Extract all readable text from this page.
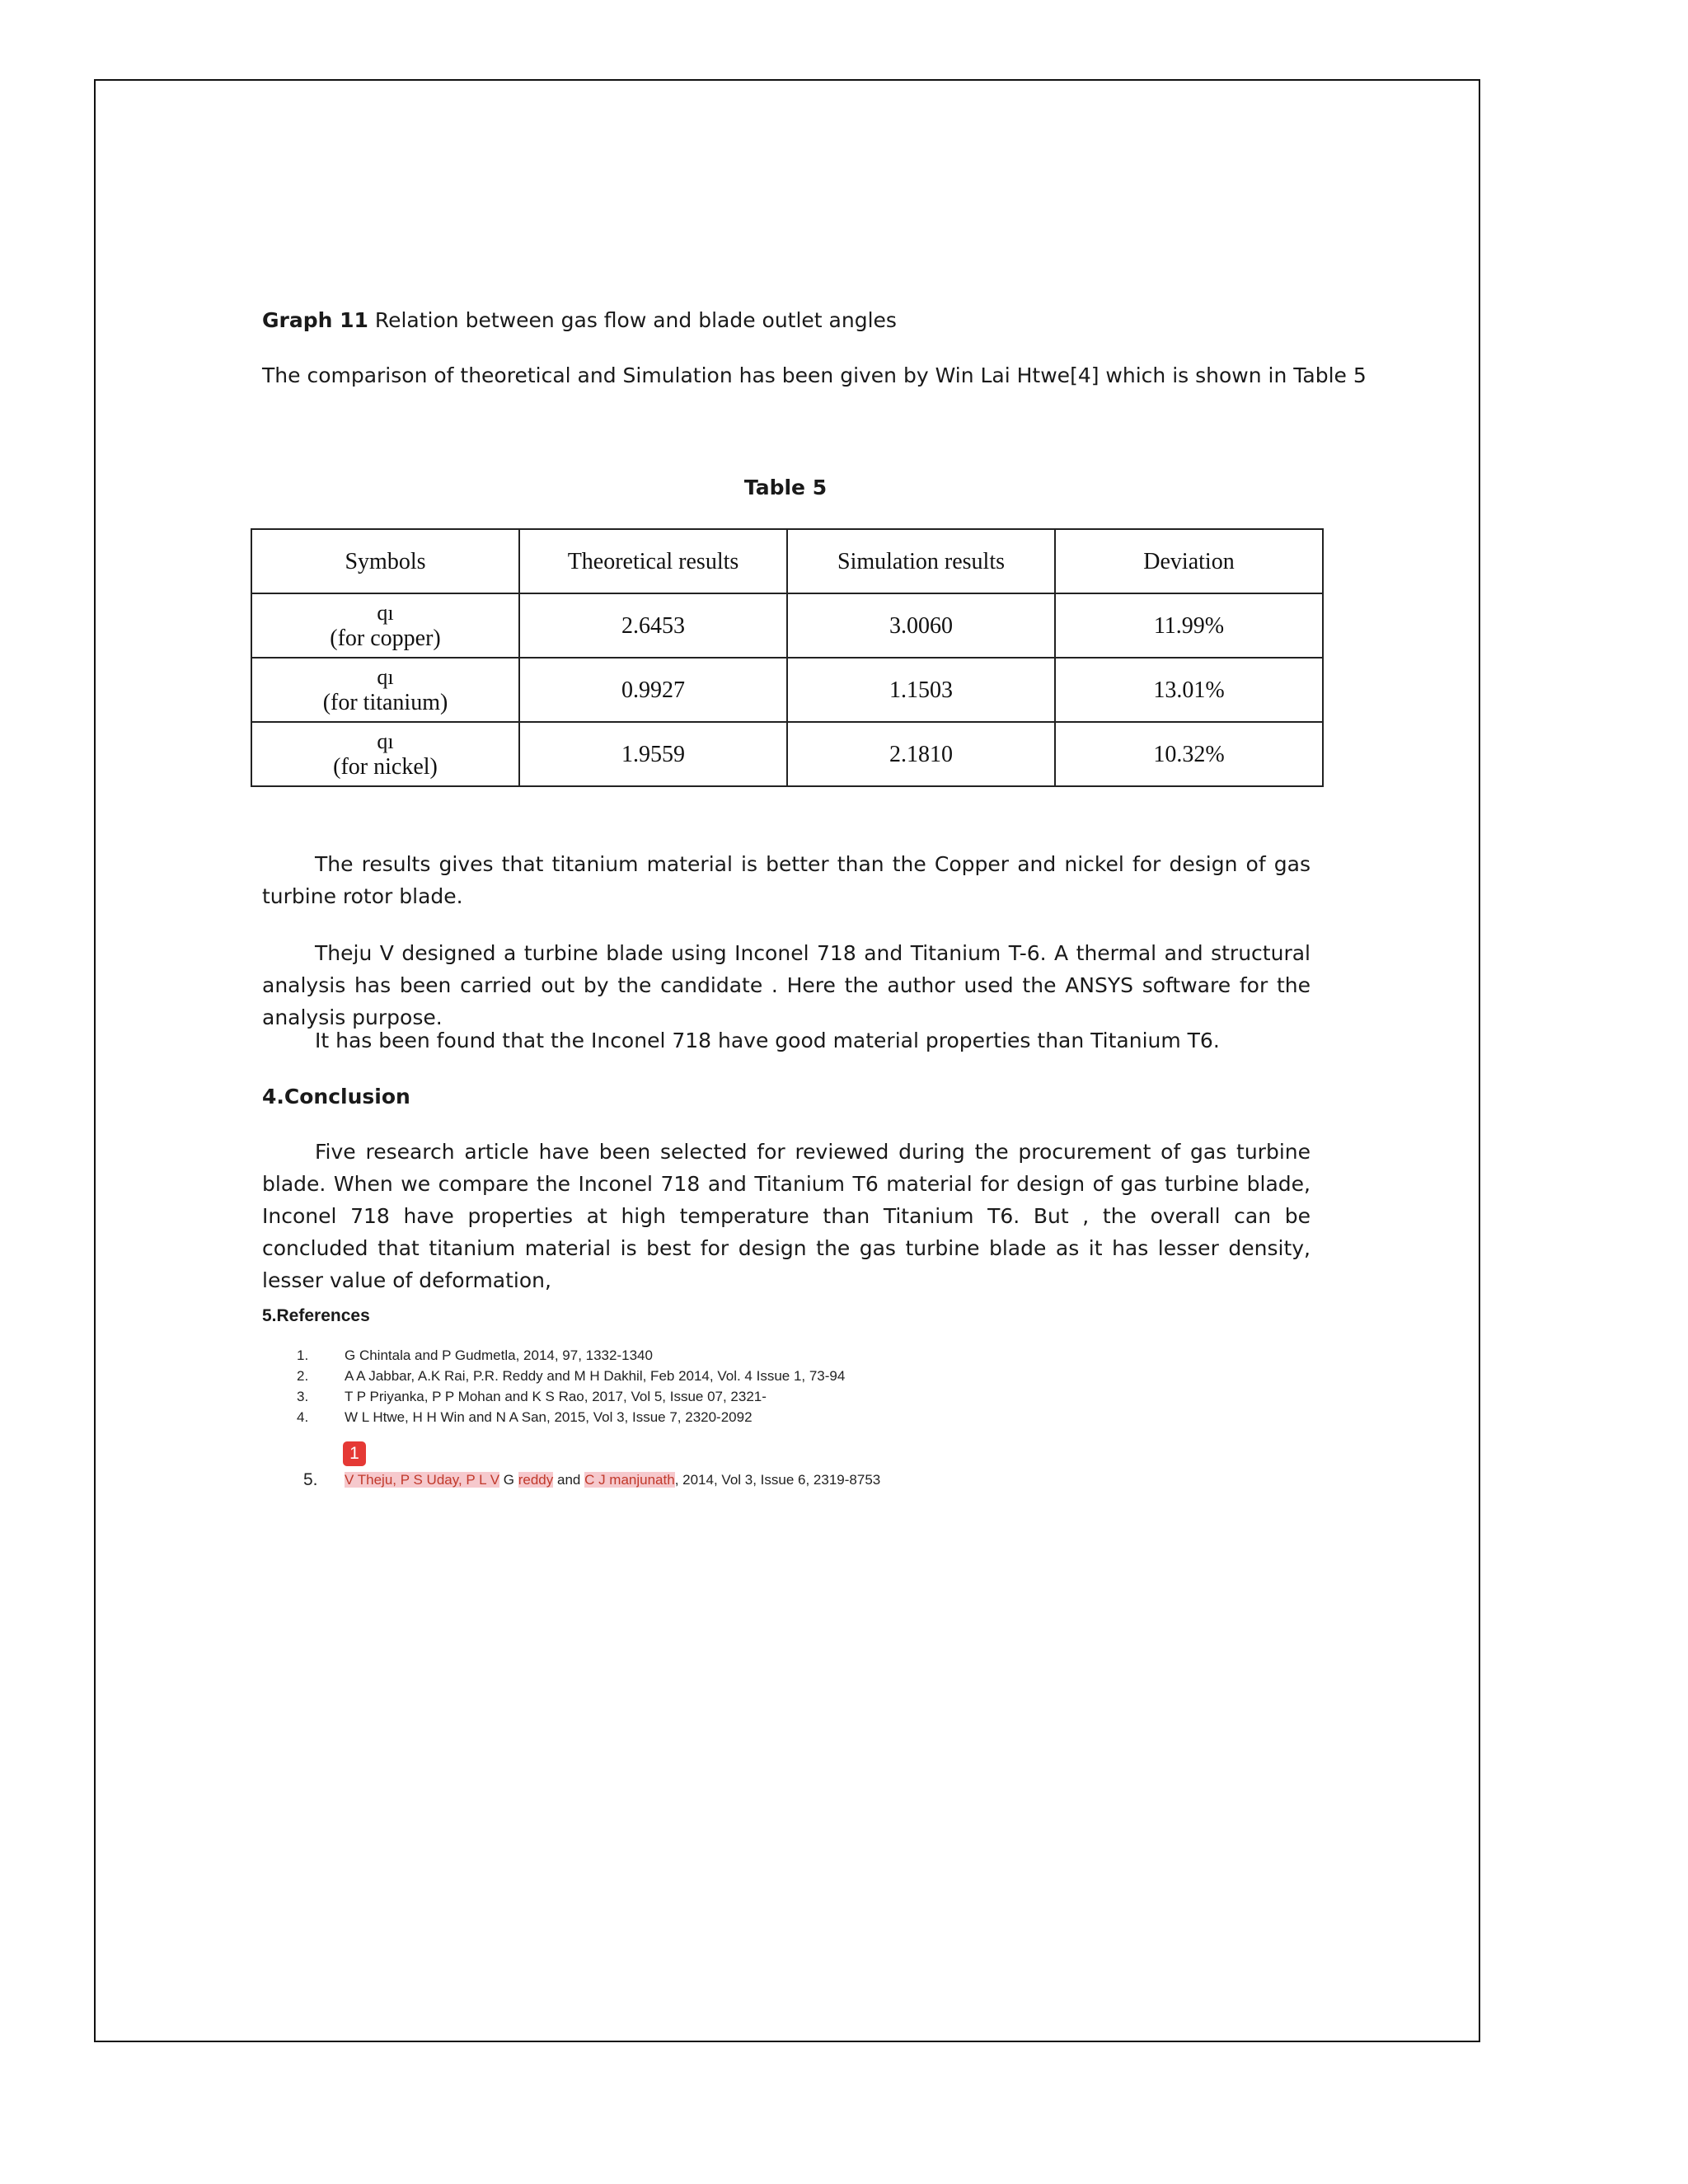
Graph 11 Relation between gas flow and blade outlet angles
The comparison of theoretical and Simulation has been given by Win Lai Htwe[4] which is shown in Table 5
Table 5
Symbols	Theoretical results	Simulation results	Deviation

qı
(for copper)	2.6453	3.0060	11.99%

qı
(for titanium)	0.9927	1.1503	13.01%

qı
(for nickel)	1.9559	2.1810	10.32%
The results gives that titanium material is better than the Copper and nickel for design of gas turbine rotor blade.
Theju V designed a turbine blade using Inconel 718 and Titanium T-6. A thermal and structural analysis has been carried out by the candidate . Here the author used the ANSYS software for the analysis purpose.
It has been found that the Inconel 718 have good material properties than Titanium T6.
4.Conclusion
Five research article have been selected for reviewed during the procurement of gas turbine blade. When we compare the Inconel 718 and Titanium T6 material for design of gas turbine blade, Inconel 718 have properties at high temperature than Titanium T6. But , the overall can be concluded that titanium material is best for design the gas turbine blade as it has lesser density, lesser value of deformation,
5.References
1.	G Chintala and P Gudmetla, 2014, 97, 1332-1340
2.	A A Jabbar, A.K Rai, P.R. Reddy and M H Dakhil, Feb 2014, Vol. 4 Issue 1, 73-94
3.	T P Priyanka, P P Mohan and K S Rao, 2017, Vol 5, Issue 07, 2321-
4.	W L Htwe, H H Win and N A San, 2015, Vol 3, Issue 7, 2320-2092
1
5.	V Theju, P S Uday, P L V G reddy and C J manjunath, 2014, Vol 3, Issue 6, 2319-8753
